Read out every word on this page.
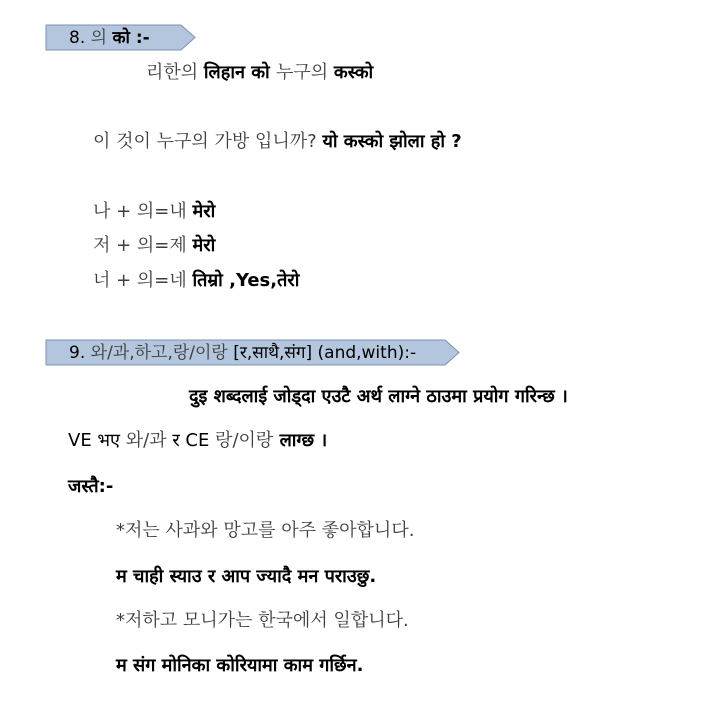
8. 의 को :-
리한의 लिहान को 누구의 कस्को
이 것이 누구의 가방 입니까? यो कस्को झोला हो ?
나 + 의=내 मेरो
저 + 의=제 मेरो
너 + 의=네 तिम्रो ,Yes,तेरो
9. 와/과,하고,랑/이랑 [र,साथै,संग] (and,with):-
दुइ शब्दलाई जोड्दा एउटै अर्थ लाग्ने ठाउमा प्रयोग गरिन्छ ।
VE भए 와/과 र CE 랑/이랑 लाग्छ ।
जस्तै:-
*저는 사과와 망고를 아주 좋아합니다.
म चाही स्याउ र आप ज्यादै मन पराउछु.
*저하고 모니가는 한국에서 일합니다.
म संग मोनिका कोरियामा काम गर्छिन.
